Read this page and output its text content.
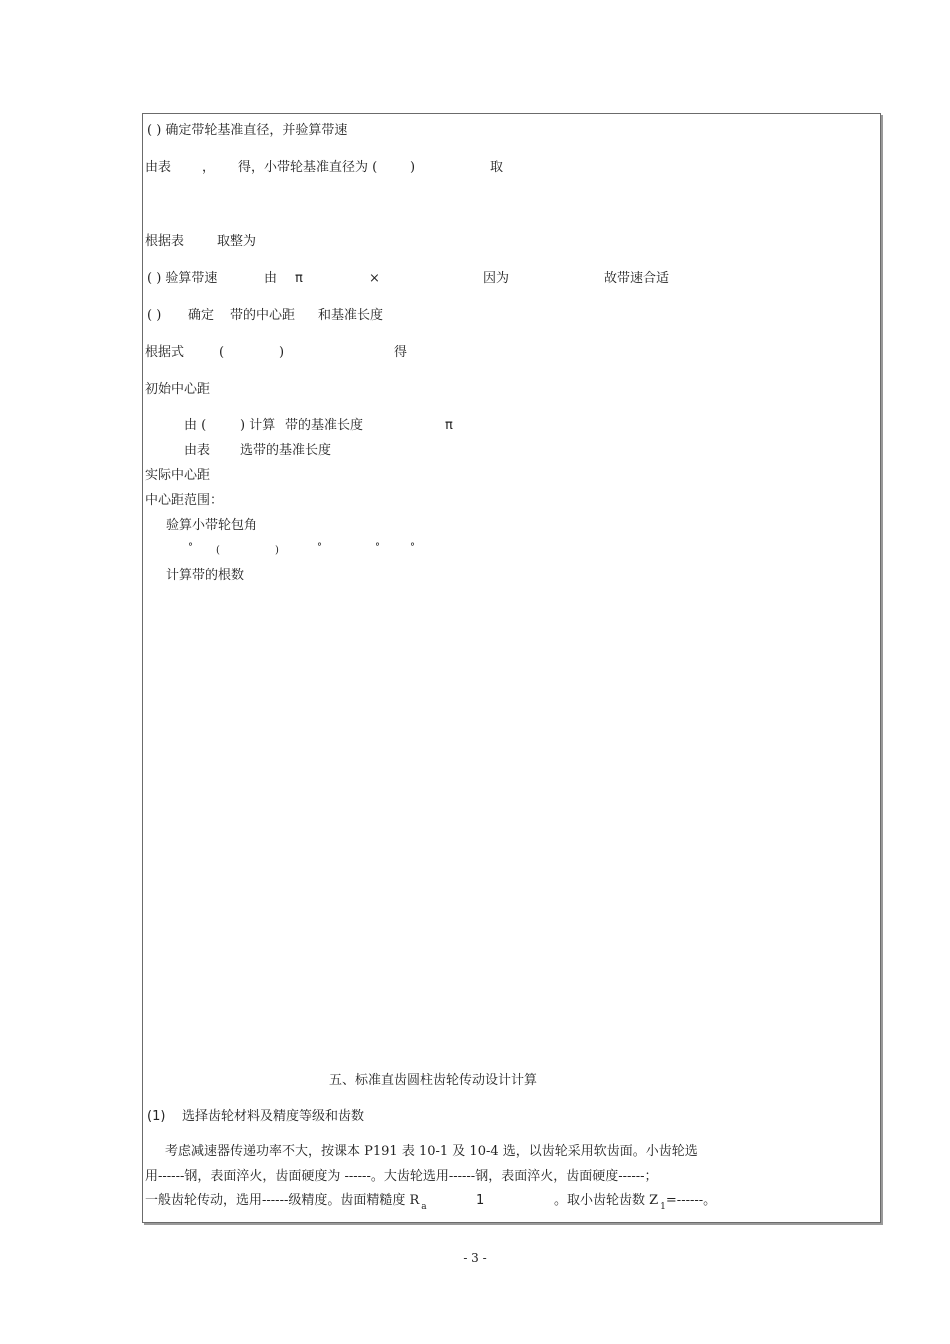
( ) 确定带轮基准直径，并验算带速
由表 ， 得，小带轮基准直径为 (	)	取
根据表	取整为
( ) 验算带速	由 π	×	因为	故带速合适
( ) 确定 带的中心距 和基准长度
根据式	(	)	得
初始中心距
由 (	) 计算 带的基准长度	π
由表 选带的基准长度
实际中心距
中心距范围：
验算小带轮包角
° (	)	°	°	°
计算带的根数
五、标准直齿圆柱齿轮传动设计计算
(1) 选择齿轮材料及精度等级和齿数
考虑减速器传递功率不大，按课本 P191 表 10-1 及 10-4 选，以齿轮采用软齿面。小齿轮选
用------钢，表面淬火，齿面硬度为 ------。大齿轮选用------钢，表面淬火，齿面硬度------；
一般齿轮传动，选用------级精度。齿面精糙度 R $_a$	1	。取小齿轮齿数 Z $_1$=------。
- 3 -
